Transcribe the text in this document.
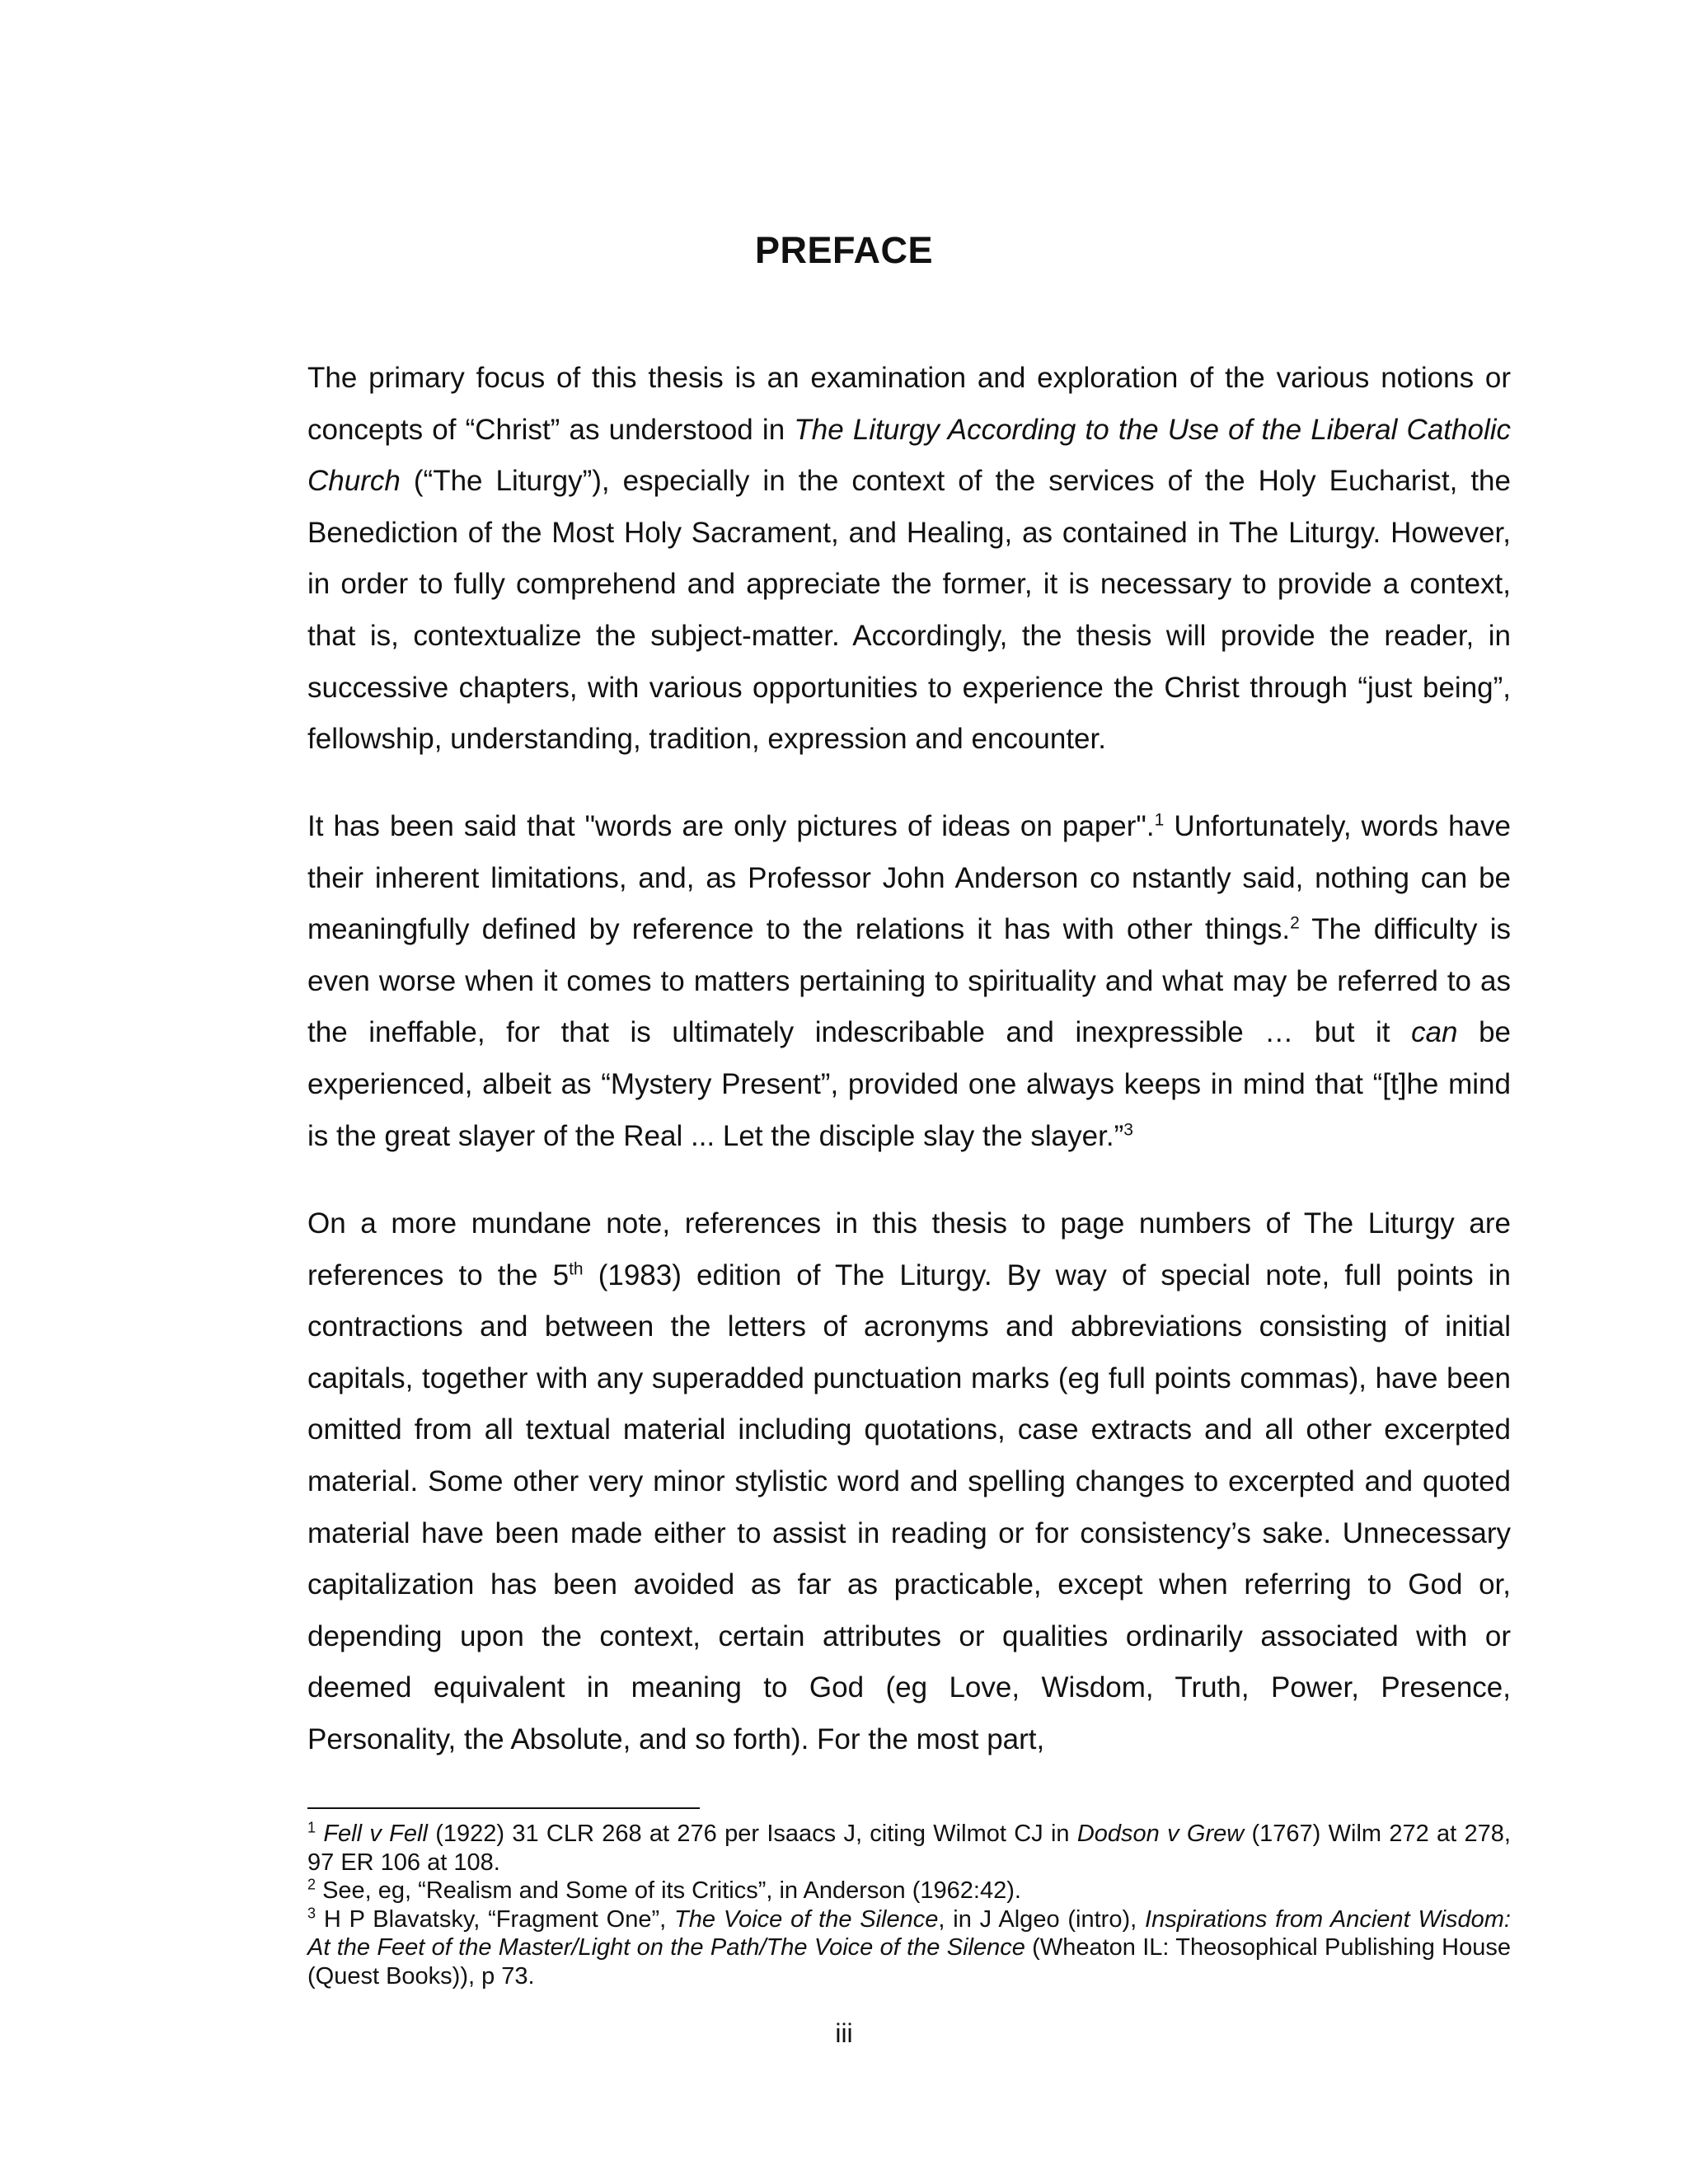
PREFACE

The primary focus of this thesis is an examination and exploration of the various notions or concepts of “Christ” as understood in The Liturgy According to the Use of the Liberal Catholic Church (“The Liturgy”), especially in the context of the services of the Holy Eucharist, the Benediction of the Most Holy Sacrament, and Healing, as contained in The Liturgy. However, in order to fully comprehend and appreciate the former, it is necessary to provide a context, that is, contextualize the subject-matter. Accordingly, the thesis will provide the reader, in successive chapters, with various opportunities to experience the Christ through “just being”, fellowship, understanding, tradition, expression and encounter.

It has been said that "words are only pictures of ideas on paper".$^1$ Unfortunately, words have their inherent limitations, and, as Professor John Anderson co nstantly said, nothing can be meaningfully defined by reference to the relations it has with other things.$^2$ The difficulty is even worse when it comes to matters pertaining to spirituality and what may be referred to as the ineffable, for that is ultimately indescribable and inexpressible … but it can be experienced, albeit as “Mystery Present”, provided one always keeps in mind that “[t]he mind is the great slayer of the Real ... Let the disciple slay the slayer.”$^3$

On a more mundane note, references in this thesis to page numbers of The Liturgy are references to the 5th (1983) edition of The Liturgy. By way of special note, full points in contractions and between the letters of acronyms and abbreviations consisting of initial capitals, together with any superadded punctuation marks (eg full points commas), have been omitted from all textual material including quotations, case extracts and all other excerpted material. Some other very minor stylistic word and spelling changes to excerpted and quoted material have been made either to assist in reading or for consistency’s sake. Unnecessary capitalization has been avoided as far as practicable, except when referring to God or, depending upon the context, certain attributes or qualities ordinarily associated with or deemed equivalent in meaning to God (eg Love, Wisdom, Truth, Power, Presence, Personality, the Absolute, and so forth). For the most part,

$^1$ Fell v Fell (1922) 31 CLR 268 at 276 per Isaacs J, citing Wilmot CJ in Dodson v Grew (1767) Wilm 272 at 278, 97 ER 106 at 108.

$^2$ See, eg, “Realism and Some of its Critics”, in Anderson (1962:42).

$^3$ H P Blavatsky, “Fragment One”, The Voice of the Silence, in J Algeo (intro), Inspirations from Ancient Wisdom: At the Feet of the Master/Light on the Path/The Voice of the Silence (Wheaton IL: Theosophical Publishing House (Quest Books)), p 73.

iii
